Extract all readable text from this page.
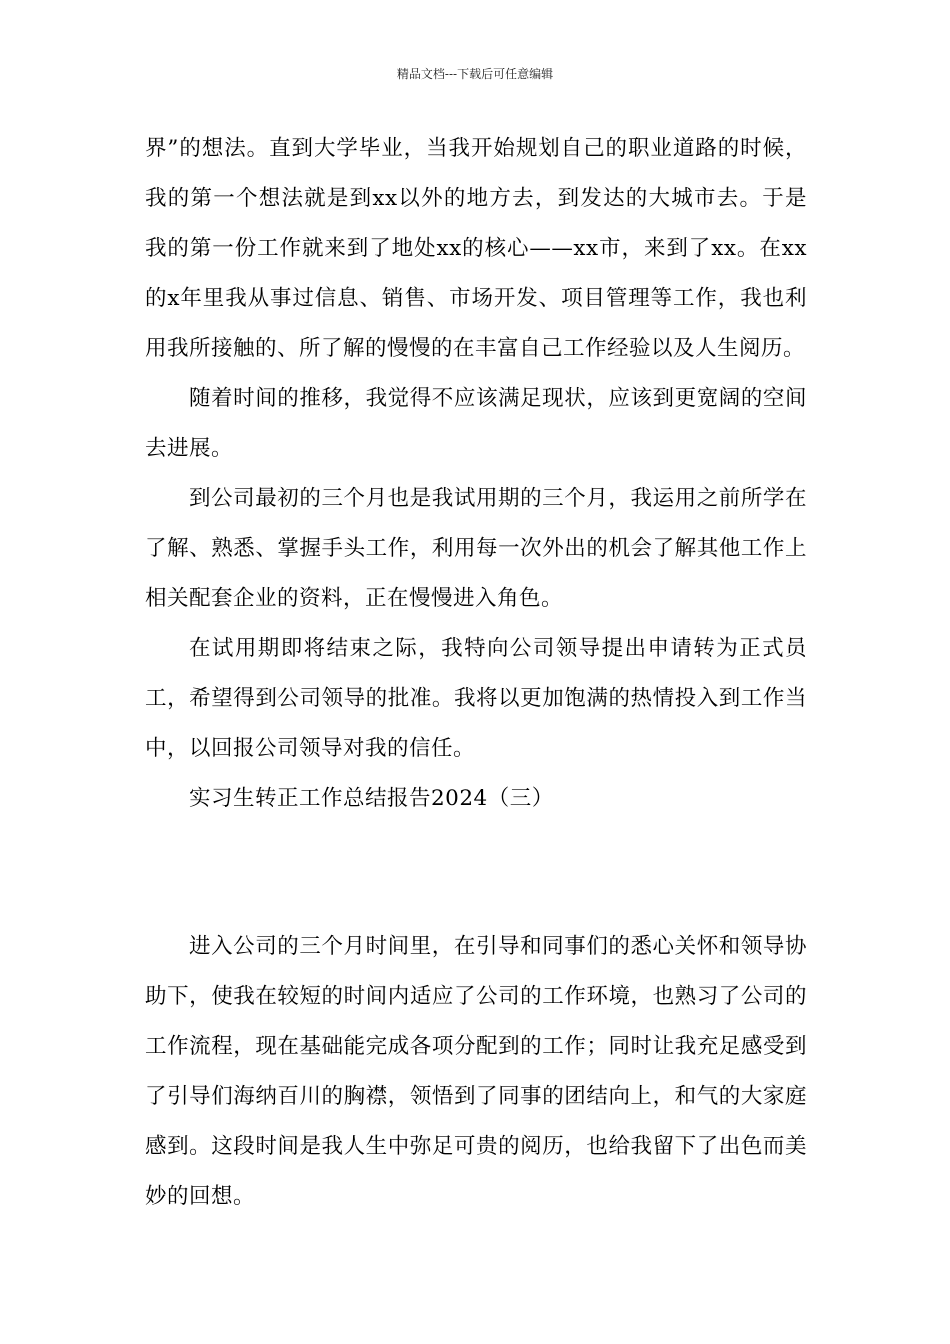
精品文档---下载后可任意编辑

界”的想法。直到大学毕业，当我开始规划自己的职业道路的时候，我的第一个想法就是到xx以外的地方去，到发达的大城市去。于是我的第一份工作就来到了地处xx的核心——xx市，来到了xx。在xx的x年里我从事过信息、销售、市场开发、项目管理等工作，我也利用我所接触的、所了解的慢慢的在丰富自己工作经验以及人生阅历。

随着时间的推移，我觉得不应该满足现状，应该到更宽阔的空间去进展。

到公司最初的三个月也是我试用期的三个月，我运用之前所学在了解、熟悉、掌握手头工作，利用每一次外出的机会了解其他工作上相关配套企业的资料，正在慢慢进入角色。

在试用期即将结束之际，我特向公司领导提出申请转为正式员工，希望得到公司领导的批准。我将以更加饱满的热情投入到工作当中，以回报公司领导对我的信任。

实习生转正工作总结报告2024（三）

进入公司的三个月时间里，在引导和同事们的悉心关怀和领导协助下，使我在较短的时间内适应了公司的工作环境，也熟习了公司的工作流程，现在基础能完成各项分配到的工作；同时让我充足感受到了引导们海纳百川的胸襟，领悟到了同事的团结向上，和气的大家庭感到。这段时间是我人生中弥足可贵的阅历，也给我留下了出色而美妙的回想。
